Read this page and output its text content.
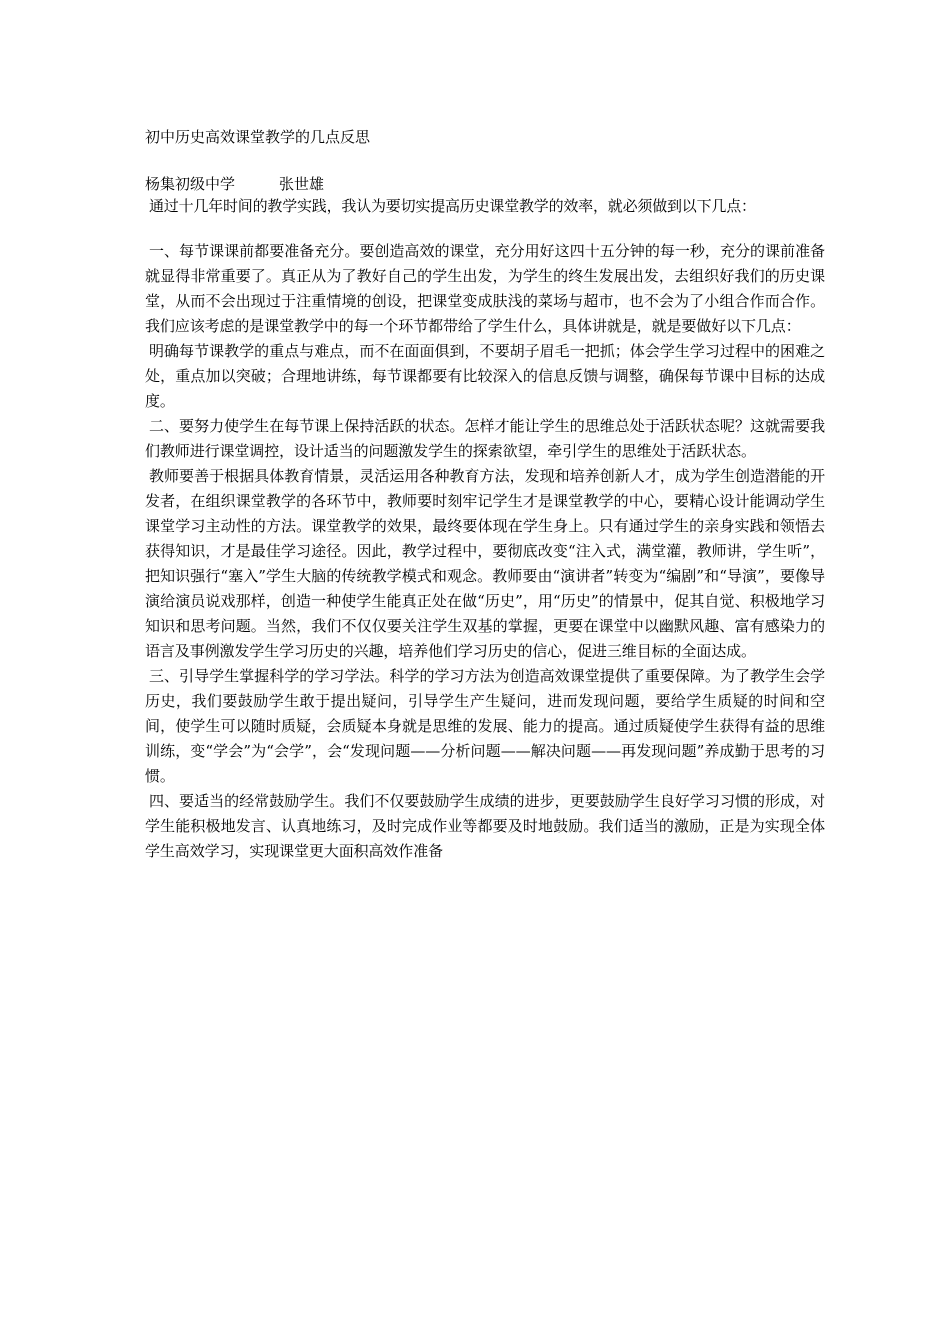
初中历史高效课堂教学的几点反思

杨集初级中学	张世雄

通过十几年时间的教学实践，我认为要切实提高历史课堂教学的效率，就必须做到以下几点：

一、每节课课前都要准备充分。要创造高效的课堂，充分用好这四十五分钟的每一秒，充分的课前准备就显得非常重要了。真正从为了教好自己的学生出发，为学生的终生发展出发，去组织好我们的历史课堂，从而不会出现过于注重情境的创设，把课堂变成肤浅的菜场与超市，也不会为了小组合作而合作。我们应该考虑的是课堂教学中的每一个环节都带给了学生什么，具体讲就是，就是要做好以下几点：

明确每节课教学的重点与难点，而不在面面俱到，不要胡子眉毛一把抓；体会学生学习过程中的困难之处，重点加以突破；合理地讲练，每节课都要有比较深入的信息反馈与调整，确保每节课中目标的达成度。

二、要努力使学生在每节课上保持活跃的状态。怎样才能让学生的思维总处于活跃状态呢？这就需要我们教师进行课堂调控，设计适当的问题激发学生的探索欲望，牵引学生的思维处于活跃状态。

教师要善于根据具体教育情景，灵活运用各种教育方法，发现和培养创新人才，成为学生创造潜能的开发者，在组织课堂教学的各环节中，教师要时刻牢记学生才是课堂教学的中心，要精心设计能调动学生课堂学习主动性的方法。课堂教学的效果，最终要体现在学生身上。只有通过学生的亲身实践和领悟去获得知识，才是最佳学习途径。因此，教学过程中，要彻底改变“注入式，满堂灌，教师讲，学生听”，把知识强行“塞入”学生大脑的传统教学模式和观念。教师要由“演讲者”转变为“编剧”和“导演”，要像导演给演员说戏那样，创造一种使学生能真正处在做“历史”，用“历史”的情景中，促其自觉、积极地学习知识和思考问题。当然，我们不仅仅要关注学生双基的掌握，更要在课堂中以幽默风趣、富有感染力的语言及事例激发学生学习历史的兴趣，培养他们学习历史的信心，促进三维目标的全面达成。

三、引导学生掌握科学的学习学法。科学的学习方法为创造高效课堂提供了重要保障。为了教学生会学历史，我们要鼓励学生敢于提出疑问，引导学生产生疑问，进而发现问题，要给学生质疑的时间和空间，使学生可以随时质疑，会质疑本身就是思维的发展、能力的提高。通过质疑使学生获得有益的思维训练，变“学会”为“会学”，会“发现问题——分析问题——解决问题——再发现问题”养成勤于思考的习惯。

四、要适当的经常鼓励学生。我们不仅要鼓励学生成绩的进步，更要鼓励学生良好学习习惯的形成，对学生能积极地发言、认真地练习，及时完成作业等都要及时地鼓励。我们适当的激励，正是为实现全体学生高效学习，实现课堂更大面积高效作准备
